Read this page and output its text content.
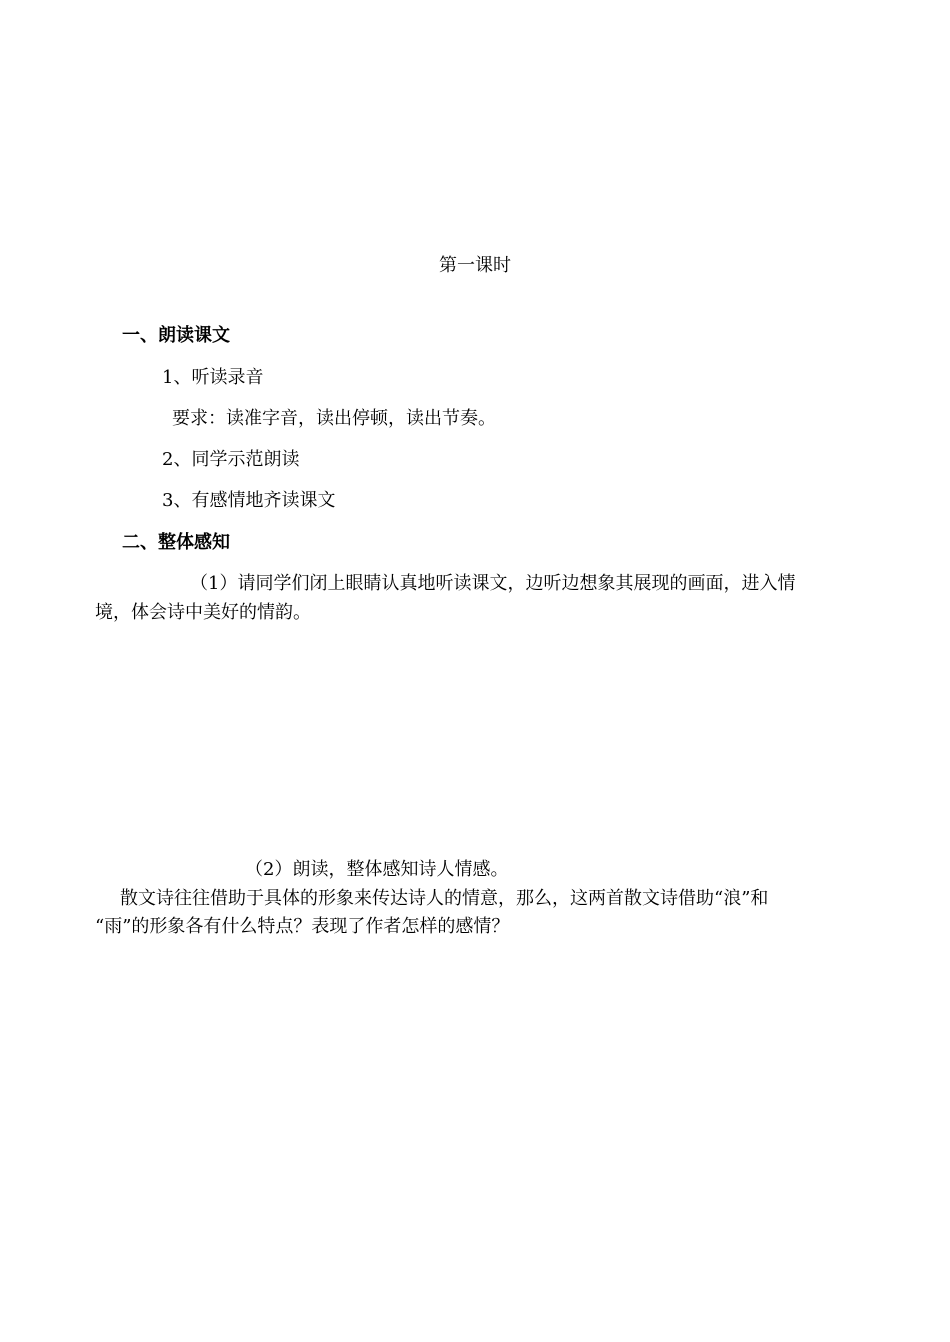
第一课时
一、朗读课文
1、听读录音
要求：读准字音，读出停顿，读出节奏。
2、同学示范朗读
3、有感情地齐读课文
二、整体感知
（1）请同学们闭上眼睛认真地听读课文，边听边想象其展现的画面，进入情
境，体会诗中美好的情韵。
（2）朗读，整体感知诗人情感。
散文诗往往借助于具体的形象来传达诗人的情意，那么，这两首散文诗借助“浪”和
“雨”的形象各有什么特点？表现了作者怎样的感情？
